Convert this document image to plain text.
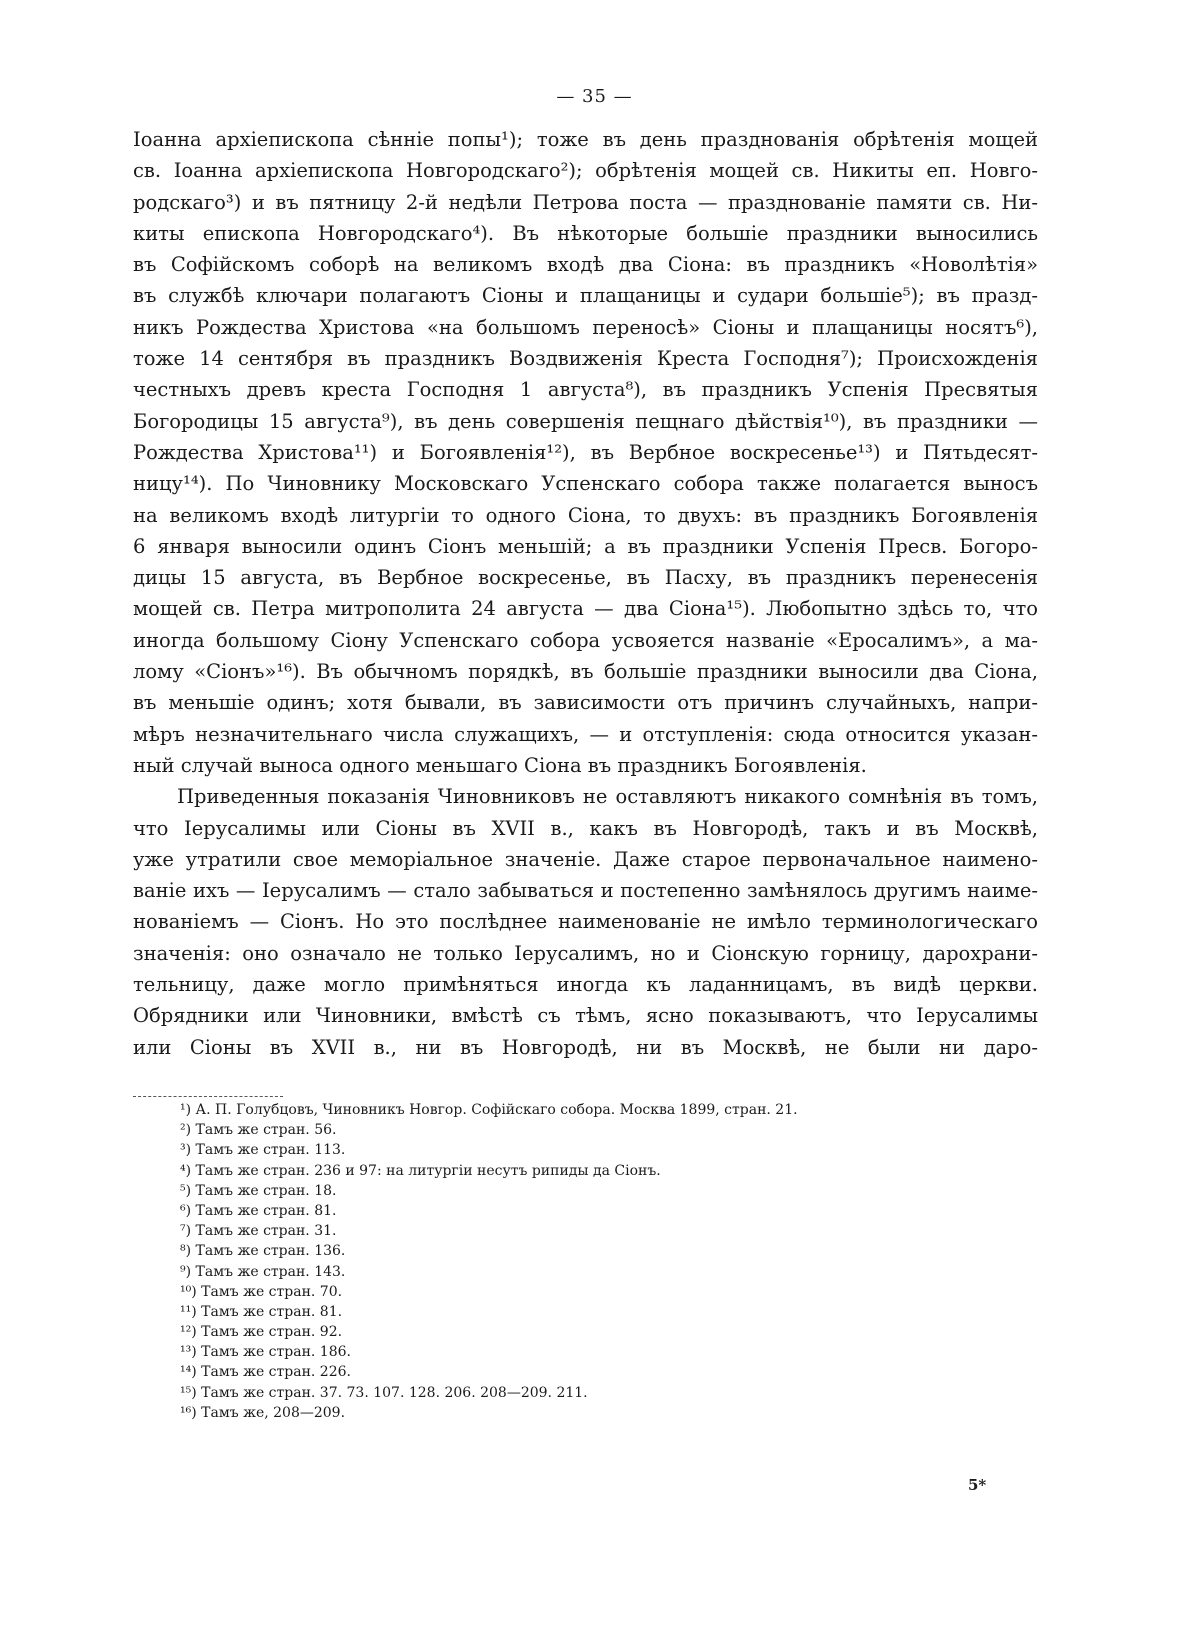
— 35 —
Іоанна архіепископа сѣнніе попы¹); тоже въ день празднованія обрѣтенія мощей
св. Іоанна архіепископа Новгородскаго²); обрѣтенія мощей св. Никиты еп. Новго-
родскаго³) и въ пятницу 2-й недѣли Петрова поста — празднованіе памяти св. Ни-
киты епископа Новгородскаго⁴). Въ нѣкоторые большіе праздники выносились
въ Софійскомъ соборѣ на великомъ входѣ два Сіона: въ праздникъ «Новолѣтія»
въ службѣ ключари полагаютъ Сіоны и плащаницы и судари большіе⁵); въ празд-
никъ Рождества Христова «на большомъ переносѣ» Сіоны и плащаницы носятъ⁶),
тоже 14 сентября въ праздникъ Воздвиженія Креста Господня⁷); Происхожденія
честныхъ древъ креста Господня 1 августа⁸), въ праздникъ Успенія Пресвятыя
Богородицы 15 августа⁹), въ день совершенія пещнаго дѣйствія¹⁰), въ праздники —
Рождества Христова¹¹) и Богоявленія¹²), въ Вербное воскресенье¹³) и Пятьдесят-
ницу¹⁴). По Чиновнику Московскаго Успенскаго собора также полагается выносъ
на великомъ входѣ литургіи то одного Сіона, то двухъ: въ праздникъ Богоявленія
6 января выносили одинъ Сіонъ меньшій; а въ праздники Успенія Пресв. Богоро-
дицы 15 августа, въ Вербное воскресенье, въ Пасху, въ праздникъ перенесенія
мощей св. Петра митрополита 24 августа — два Сіона¹⁵). Любопытно здѣсь то, что
иногда большому Сіону Успенскаго собора усвояется названіе «Еросалимъ», а ма-
лому «Сіонъ»¹⁶). Въ обычномъ порядкѣ, въ большіе праздники выносили два Сіона,
въ меньшіе одинъ; хотя бывали, въ зависимости отъ причинъ случайныхъ, напри-
мѣръ незначительнаго числа служащихъ, — и отступленія: сюда относится указан-
ный случай выноса одного меньшаго Сіона въ праздникъ Богоявленія.
Приведенныя показанія Чиновниковъ не оставляютъ никакого сомнѣнія въ томъ,
что Іерусалимы или Сіоны въ XVII в., какъ въ Новгородѣ, такъ и въ Москвѣ,
уже утратили свое меморіальное значеніе. Даже старое первоначальное наимено-
ваніе ихъ — Іерусалимъ — стало забываться и постепенно замѣнялось другимъ наиме-
нованіемъ — Сіонъ. Но это послѣднее наименованіе не имѣло терминологическаго
значенія: оно означало не только Іерусалимъ, но и Сіонскую горницу, дарохрани-
тельницу, даже могло примѣняться иногда къ ладанницамъ, въ видѣ церкви.
Обрядники или Чиновники, вмѣстѣ съ тѣмъ, ясно показываютъ, что Іерусалимы
или Сіоны въ XVII в., ни въ Новгородѣ, ни въ Москвѣ, не были ни даро-
¹) А. П. Голубцовъ, Чиновникъ Новгор. Софійскаго собора. Москва 1899, стран. 21.
²) Тамъ же стран. 56.
³) Тамъ же стран. 113.
⁴) Тамъ же стран. 236 и 97: на литургіи несутъ рипиды да Сіонъ.
⁵) Тамъ же стран. 18.
⁶) Тамъ же стран. 81.
⁷) Тамъ же стран. 31.
⁸) Тамъ же стран. 136.
⁹) Тамъ же стран. 143.
¹⁰) Тамъ же стран. 70.
¹¹) Тамъ же стран. 81.
¹²) Тамъ же стран. 92.
¹³) Тамъ же стран. 186.
¹⁴) Тамъ же стран. 226.
¹⁵) Тамъ же стран. 37. 73. 107. 128. 206. 208—209. 211.
¹⁶) Тамъ же, 208—209.
5*
